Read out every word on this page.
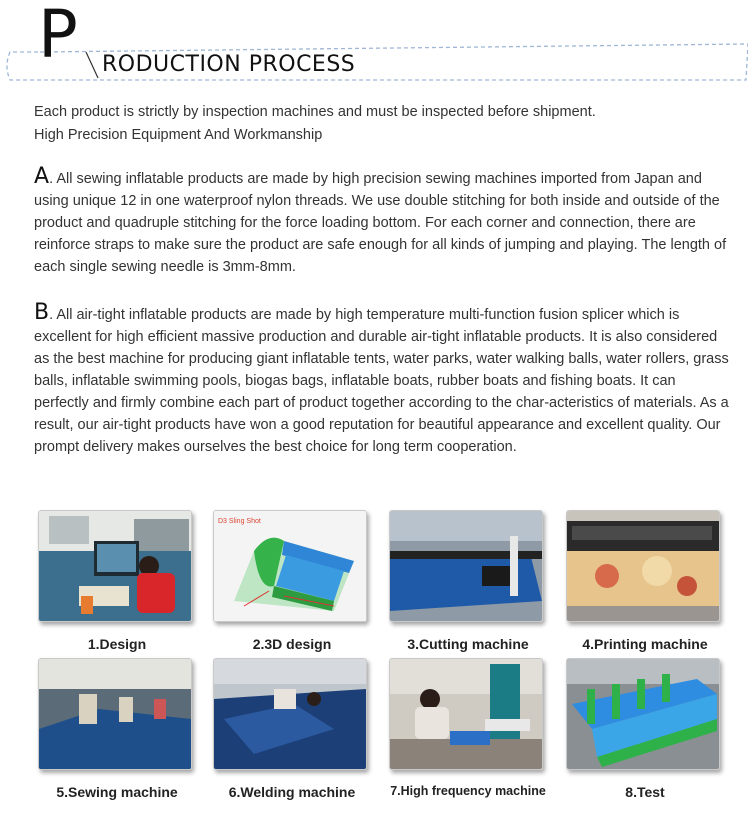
P RODUCTION PROCESS
Each product is strictly by inspection machines and must be inspected before shipment.
High Precision Equipment And Workmanship
A. All sewing inflatable products are made by high precision sewing machines imported from Japan and using unique 12 in one waterproof nylon threads. We use double stitching for both inside and outside of the product and quadruple stitching for the force loading bottom. For each corner and connection, there are reinforce straps to make sure the product are safe enough for all kinds of jumping and playing. The length of each single sewing needle is 3mm-8mm.
B. All air-tight inflatable products are made by high temperature multi-function fusion splicer which is excellent for high efficient massive production and durable air-tight inflatable products. It is also considered as the best machine for producing giant inflatable tents, water parks, water walking balls, water rollers, grass balls, inflatable swimming pools, biogas bags, inflatable boats, rubber boats and fishing boats. It can perfectly and firmly combine each part of product together according to the char-acteristics of materials. As a result, our air-tight products have won a good reputation for beautiful appearance and excellent quality. Our prompt delivery makes ourselves the best choice for long term cooperation.
1.Design
D3 Sling Shot
2.3D design	3.Cutting machine	4.Printing machine
5.Sewing machine	6.Welding machine	7.High frequency machine	8.Test
